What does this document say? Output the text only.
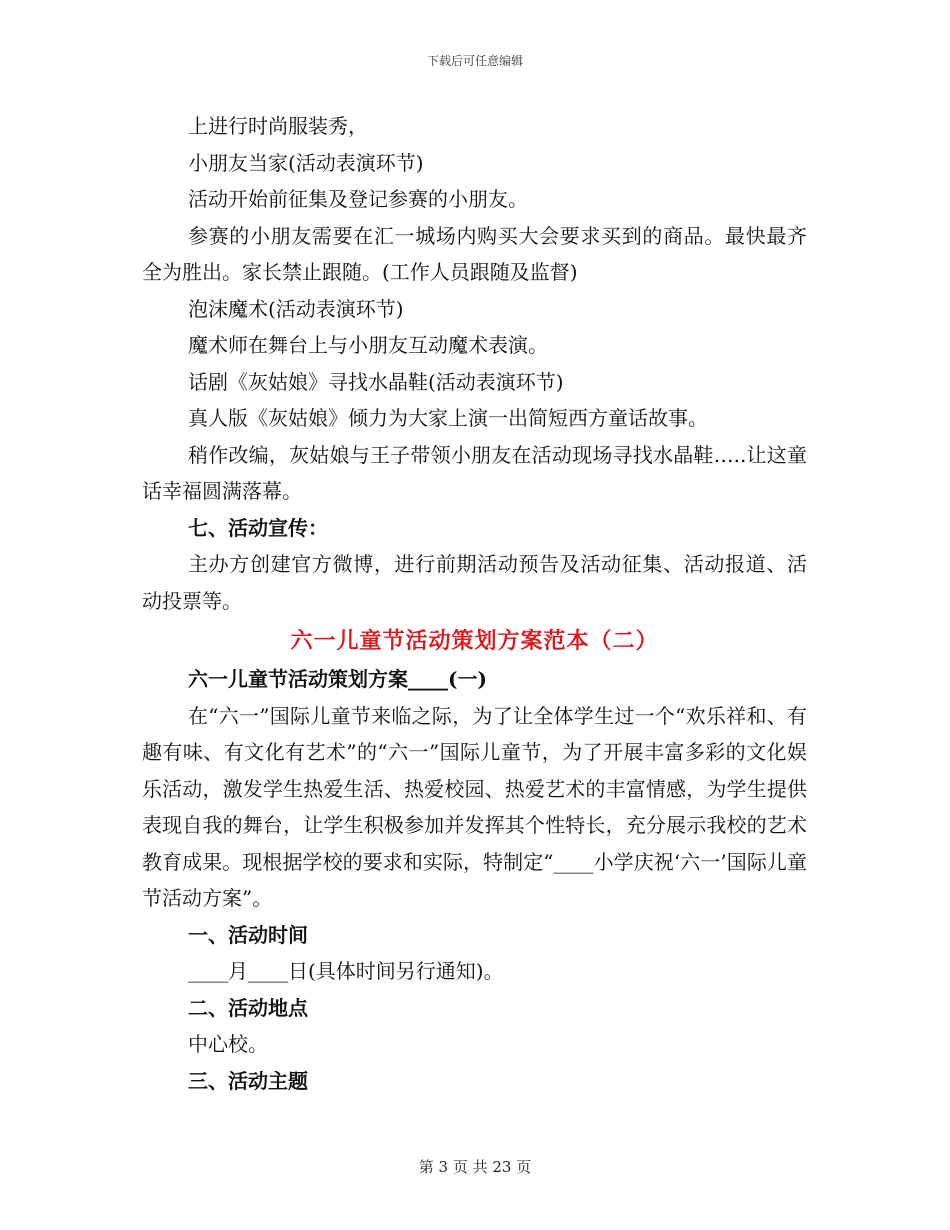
下载后可任意编辑

上进行时尚服装秀，

小朋友当家(活动表演环节)

活动开始前征集及登记参赛的小朋友。

参赛的小朋友需要在汇一城场内购买大会要求买到的商品。最快最齐全为胜出。家长禁止跟随。(工作人员跟随及监督)

泡沫魔术(活动表演环节)

魔术师在舞台上与小朋友互动魔术表演。

话剧《灰姑娘》寻找水晶鞋(活动表演环节)

真人版《灰姑娘》倾力为大家上演一出简短西方童话故事。

稍作改编，灰姑娘与王子带领小朋友在活动现场寻找水晶鞋…..让这童话幸福圆满落幕。

七、活动宣传：

主办方创建官方微博，进行前期活动预告及活动征集、活动报道、活动投票等。

六一儿童节活动策划方案范本（二）

六一儿童节活动策划方案____(一)

在“六一”国际儿童节来临之际，为了让全体学生过一个“欢乐祥和、有趣有味、有文化有艺术”的“六一”国际儿童节，为了开展丰富多彩的文化娱乐活动，激发学生热爱生活、热爱校园、热爱艺术的丰富情感，为学生提供表现自我的舞台，让学生积极参加并发挥其个性特长，充分展示我校的艺术教育成果。现根据学校的要求和实际，特制定“____小学庆祝‘六一’国际儿童节活动方案”。

一、活动时间

____月____日(具体时间另行通知)。

二、活动地点

中心校。

三、活动主题

第 3 页 共 23 页
